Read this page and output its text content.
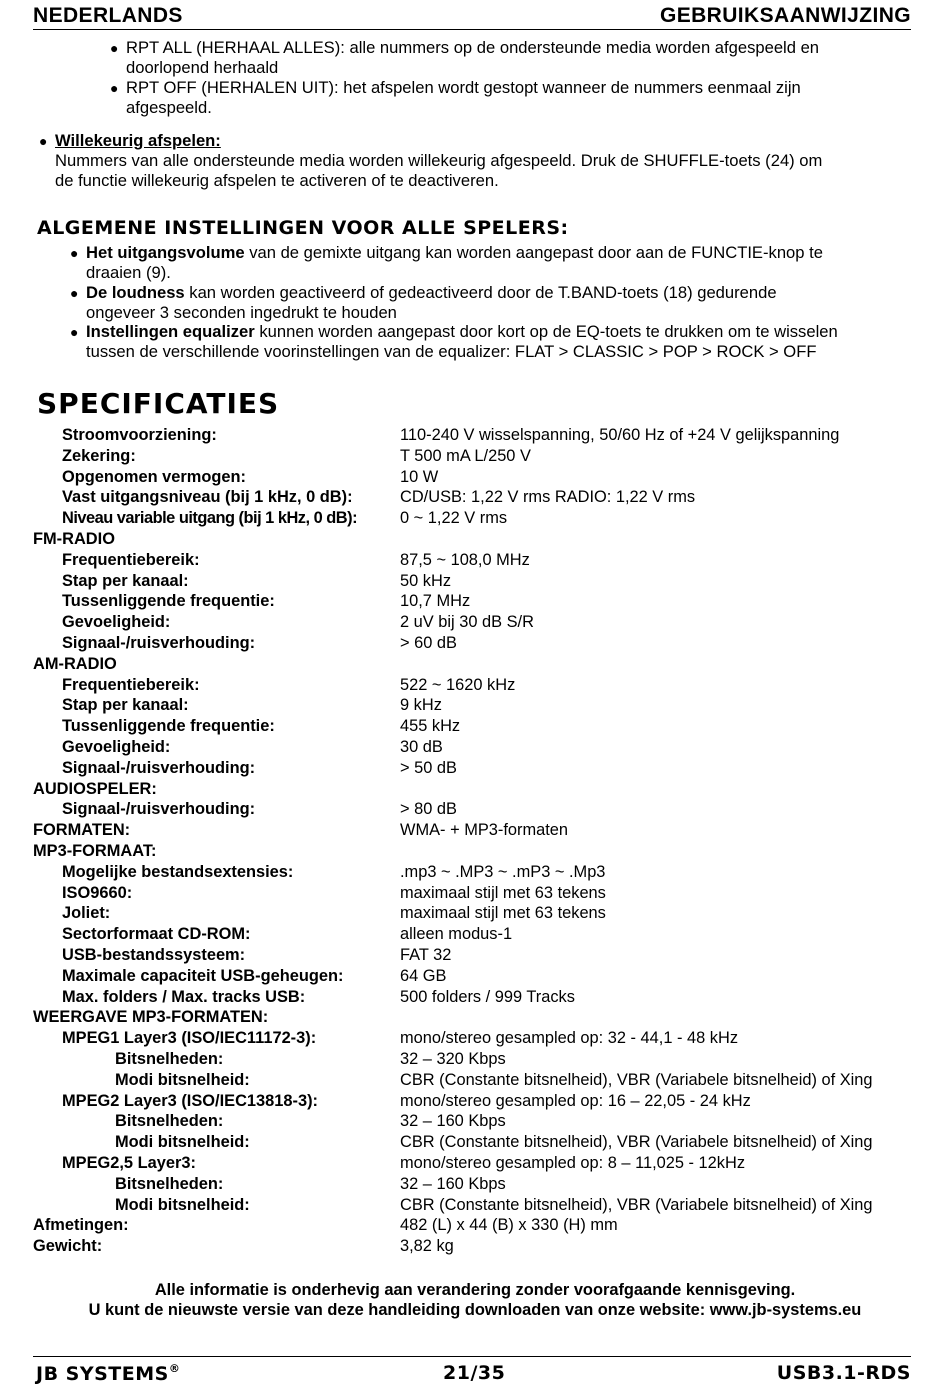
NEDERLANDS	GEBRUIKSAANWIJZING
● RPT ALL (HERHAAL ALLES): alle nummers op de ondersteunde media worden afgespeeld en
doorlopend herhaald
● RPT OFF (HERHALEN UIT): het afspelen wordt gestopt wanneer de nummers eenmaal zijn
afgespeeld.
● Willekeurig afspelen:
Nummers van alle ondersteunde media worden willekeurig afgespeeld. Druk de SHUFFLE-toets (24) om
de functie willekeurig afspelen te activeren of te deactiveren.
ALGEMENE INSTELLINGEN VOOR ALLE SPELERS:
● Het uitgangsvolume van de gemixte uitgang kan worden aangepast door aan de FUNCTIE-knop te
draaien (9).
● De loudness kan worden geactiveerd of gedeactiveerd door de T.BAND-toets (18) gedurende
ongeveer 3 seconden ingedrukt te houden
● Instellingen equalizer kunnen worden aangepast door kort op de EQ-toets te drukken om te wisselen
tussen de verschillende voorinstellingen van de equalizer: FLAT > CLASSIC > POP > ROCK > OFF
SPECIFICATIES
Stroomvoorziening:	110-240 V wisselspanning, 50/60 Hz of +24 V gelijkspanning
Zekering:	T 500 mA L/250 V
Opgenomen vermogen:	10 W
Vast uitgangsniveau (bij 1 kHz, 0 dB):	CD/USB: 1,22 V rms RADIO: 1,22 V rms
Niveau variable uitgang (bij 1 kHz, 0 dB):	0 ~ 1,22 V rms
FM-RADIO
Frequentiebereik:	87,5 ~ 108,0 MHz
Stap per kanaal:	50 kHz
Tussenliggende frequentie:	10,7 MHz
Gevoeligheid:	2 uV bij 30 dB S/R
Signaal-/ruisverhouding:	> 60 dB
AM-RADIO
Frequentiebereik:	522 ~ 1620 kHz
Stap per kanaal:	9 kHz
Tussenliggende frequentie:	455 kHz
Gevoeligheid:	30 dB
Signaal-/ruisverhouding:	> 50 dB
AUDIOSPELER:
Signaal-/ruisverhouding:	> 80 dB
FORMATEN:	WMA- + MP3-formaten
MP3-FORMAAT:
Mogelijke bestandsextensies:	.mp3 ~ .MP3 ~ .mP3 ~ .Mp3
ISO9660:	maximaal stijl met 63 tekens
Joliet:	maximaal stijl met 63 tekens
Sectorformaat CD-ROM:	alleen modus-1
USB-bestandssysteem:	FAT 32
Maximale capaciteit USB-geheugen:	64 GB
Max. folders / Max. tracks USB:	500 folders / 999 Tracks
WEERGAVE MP3-FORMATEN:
MPEG1 Layer3 (ISO/IEC11172-3):	mono/stereo gesampled op: 32 - 44,1 - 48 kHz
Bitsnelheden:	32 – 320 Kbps
Modi bitsnelheid:	CBR (Constante bitsnelheid), VBR (Variabele bitsnelheid) of Xing
MPEG2 Layer3 (ISO/IEC13818-3):	mono/stereo gesampled op: 16 – 22,05 - 24 kHz
Bitsnelheden:	32 – 160 Kbps
Modi bitsnelheid:	CBR (Constante bitsnelheid), VBR (Variabele bitsnelheid) of Xing
MPEG2,5 Layer3:	mono/stereo gesampled op: 8 – 11,025 - 12kHz
Bitsnelheden:	32 – 160 Kbps
Modi bitsnelheid:	CBR (Constante bitsnelheid), VBR (Variabele bitsnelheid) of Xing
Afmetingen:	482 (L) x 44 (B) x 330 (H) mm
Gewicht:	3,82 kg
Alle informatie is onderhevig aan verandering zonder voorafgaande kennisgeving.
U kunt de nieuwste versie van deze handleiding downloaden van onze website: www.jb-systems.eu
JB SYSTEMS®	21/35	USB3.1-RDS
